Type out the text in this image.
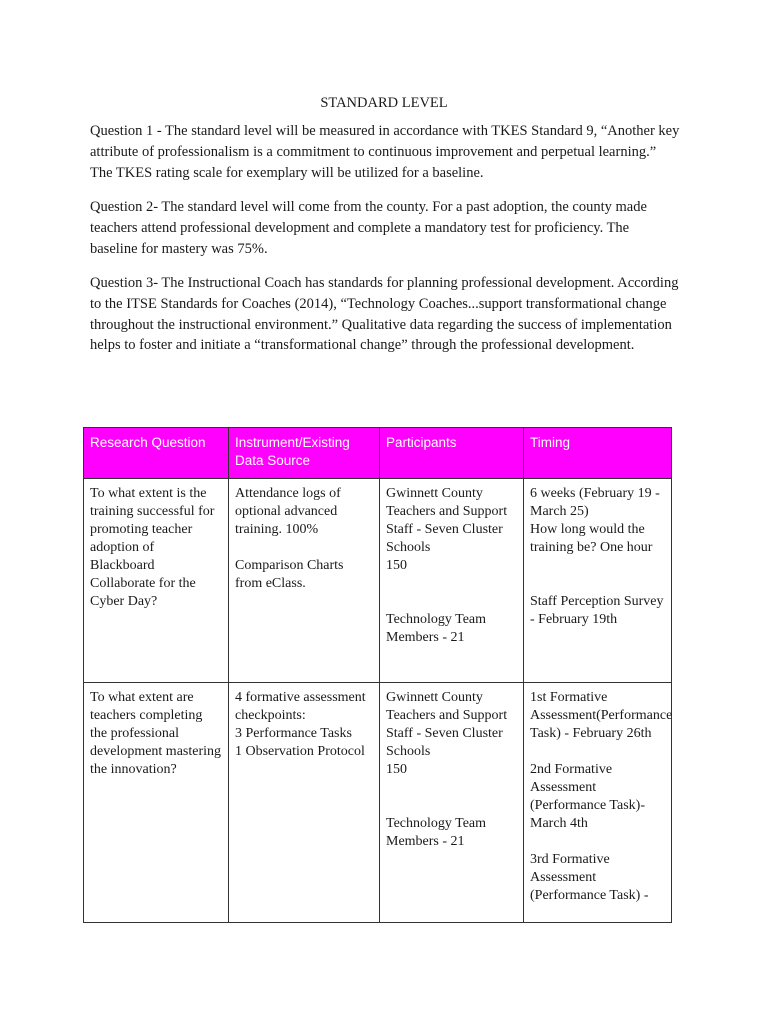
STANDARD LEVEL

Question 1 - The standard level will be measured in accordance with TKES Standard 9, “Another key attribute of professionalism is a commitment to continuous improvement and perpetual learning.” The TKES rating scale for exemplary will be utilized for a baseline.

Question 2- The standard level will come from the county. For a past adoption, the county made teachers attend professional development and complete a mandatory test for proficiency. The baseline for mastery was 75%.

Question 3- The Instructional Coach has standards for planning professional development. According to the ITSE Standards for Coaches (2014), “Technology Coaches...support transformational change throughout the instructional environment.” Qualitative data regarding the success of implementation helps to foster and initiate a “transformational change” through the professional development.

Research Question	Instrument/Existing Data Source	Participants	Timing
To what extent is the training successful for promoting teacher adoption of Blackboard Collaborate for the Cyber Day?	Attendance logs of optional advanced training. 100%

Comparison Charts from eClass.	Gwinnett County Teachers and Support Staff - Seven Cluster Schools
150

Technology Team Members - 21	6 weeks (February 19 - March 25)
How long would the training be? One hour

Staff Perception Survey - February 19th
To what extent are teachers completing the professional development mastering the innovation?	4 formative assessment checkpoints:
3 Performance Tasks
1 Observation Protocol	Gwinnett County Teachers and Support Staff - Seven Cluster Schools
150

Technology Team Members - 21	1st Formative Assessment(Performance Task) - February 26th

2nd Formative Assessment (Performance Task)- March 4th

3rd Formative Assessment (Performance Task) -
